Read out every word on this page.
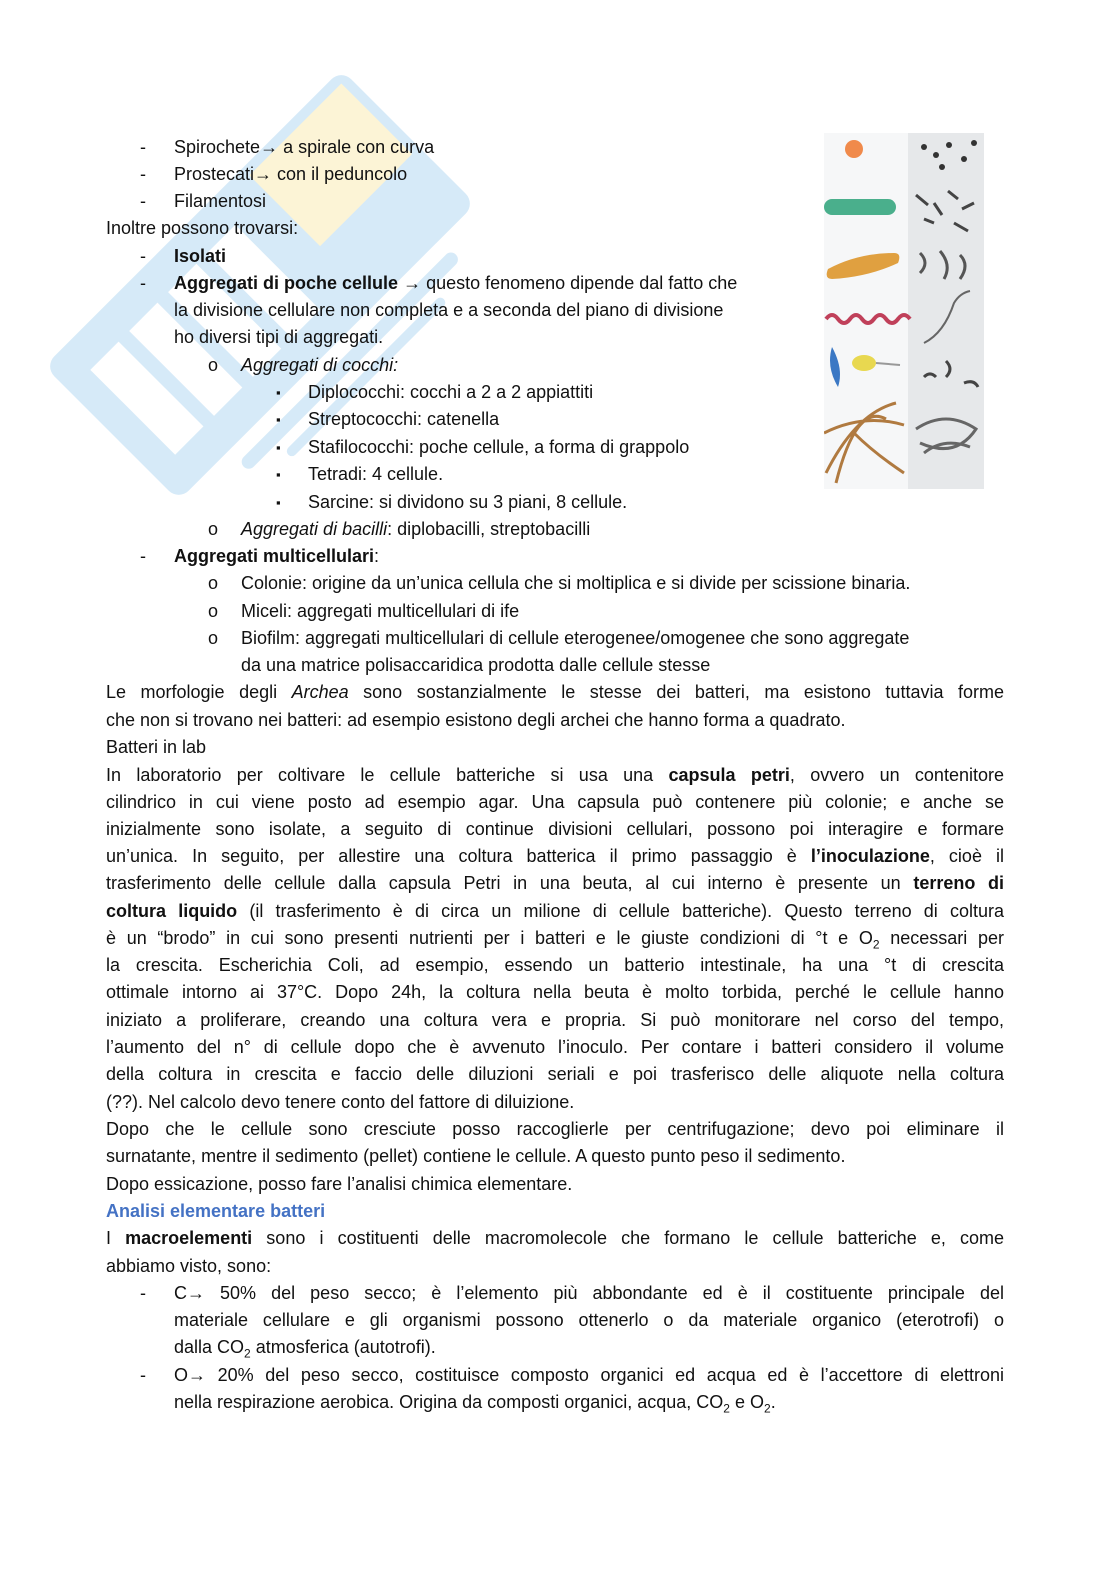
- Spirochete→ a spirale con curva
- Prostecati→ con il peduncolo
- Filamentosi
Inoltre possono trovarsi:
- Isolati
- Aggregati di poche cellule → questo fenomeno dipende dal fatto che
la divisione cellulare non completa e a seconda del piano di divisione
ho diversi tipi di aggregati.
o Aggregati di cocchi:
▪ Diplococchi: cocchi a 2 a 2 appiattiti
▪ Streptococchi: catenella
▪ Stafilococchi: poche cellule, a forma di grappolo
▪ Tetradi: 4 cellule.
▪ Sarcine: si dividono su 3 piani, 8 cellule.
o Aggregati di bacilli: diplobacilli, streptobacilli
- Aggregati multicellulari:
o Colonie: origine da un’unica cellula che si moltiplica e si divide per scissione binaria.
o Miceli: aggregati multicellulari di ife
o Biofilm: aggregati multicellulari di cellule eterogenee/omogenee che sono aggregate
da una matrice polisaccaridica prodotta dalle cellule stesse
Le morfologie degli Archea sono sostanzialmente le stesse dei batteri, ma esistono tuttavia forme
che non si trovano nei batteri: ad esempio esistono degli archei che hanno forma a quadrato.
Batteri in lab
In laboratorio per coltivare le cellule batteriche si usa una capsula petri, ovvero un contenitore
cilindrico in cui viene posto ad esempio agar. Una capsula può contenere più colonie; e anche se
inizialmente sono isolate, a seguito di continue divisioni cellulari, possono poi interagire e formare
un’unica. In seguito, per allestire una coltura batterica il primo passaggio è l’inoculazione, cioè il
trasferimento delle cellule dalla capsula Petri in una beuta, al cui interno è presente un terreno di
coltura liquido (il trasferimento è di circa un milione di cellule batteriche). Questo terreno di coltura
è un “brodo” in cui sono presenti nutrienti per i batteri e le giuste condizioni di °t e $O_2$ necessari per
la crescita. Escherichia Coli, ad esempio, essendo un batterio intestinale, ha una °t di crescita
ottimale intorno ai 37°C. Dopo 24h, la coltura nella beuta è molto torbida, perché le cellule hanno
iniziato a proliferare, creando una coltura vera e propria. Si può monitorare nel corso del tempo,
l’aumento del n° di cellule dopo che è avvenuto l’inoculo. Per contare i batteri considero il volume
della coltura in crescita e faccio delle diluzioni seriali e poi trasferisco delle aliquote nella coltura
(??). Nel calcolo devo tenere conto del fattore di diluizione.
Dopo che le cellule sono cresciute posso raccoglierle per centrifugazione; devo poi eliminare il
surnatante, mentre il sedimento (pellet) contiene le cellule. A questo punto peso il sedimento.
Dopo essicazione, posso fare l’analisi chimica elementare.
Analisi elementare batteri
I macroelementi sono i costituenti delle macromolecole che formano le cellule batteriche e, come
abbiamo visto, sono:
- C→ 50% del peso secco; è l’elemento più abbondante ed è il costituente principale del
materiale cellulare e gli organismi possono ottenerlo o da materiale organico (eterotrofi) o
dalla $CO_2$ atmosferica (autotrofi).
- O→ 20% del peso secco, costituisce composto organici ed acqua ed è l’accettore di elettroni
nella respirazione aerobica. Origina da composti organici, acqua, $CO_2$ e $O_2$.
